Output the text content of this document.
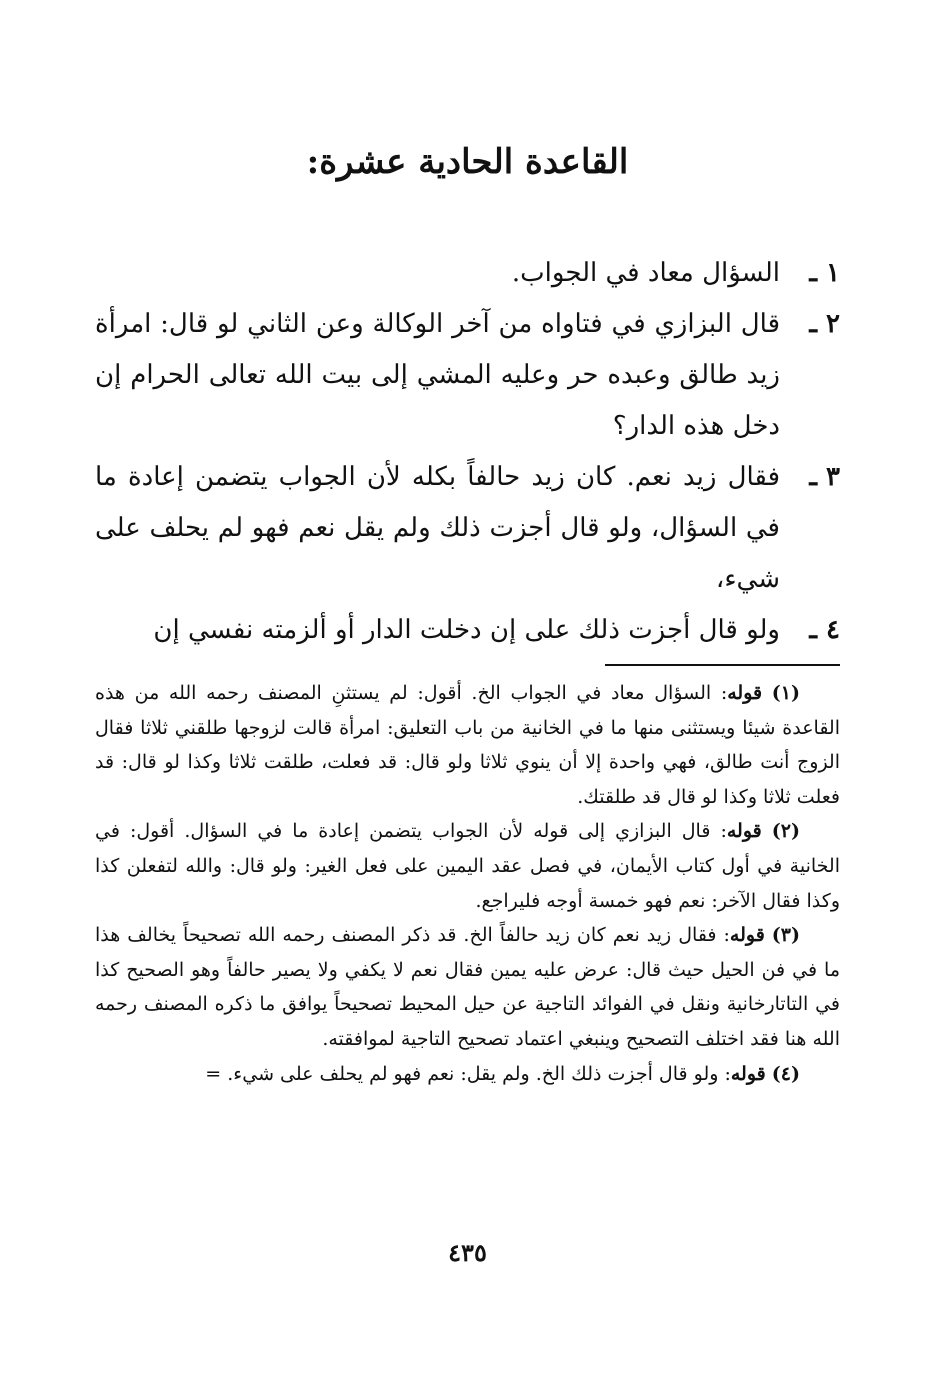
القاعدة الحادية عشرة:
١ ـ
السؤال معاد في الجواب.
٢ ـ
قال البزازي في فتاواه من آخر الوكالة وعن الثاني لو قال: امرأة زيد طالق وعبده حر وعليه المشي إلى بيت الله تعالى الحرام إن دخل هذه الدار؟
٣ ـ
فقال زيد نعم. كان زيد حالفاً بكله لأن الجواب يتضمن إعادة ما في السؤال، ولو قال أجزت ذلك ولم يقل نعم فهو لم يحلف على شيء،
٤ ـ
ولو قال أجزت ذلك على إن دخلت الدار أو ألزمته نفسي إن

(١) قوله: السؤال معاد في الجواب الخ. أقول: لم يستثنِ المصنف رحمه الله من هذه القاعدة شيئا ويستثنى منها ما في الخانية من باب التعليق: امرأة قالت لزوجها طلقني ثلاثا فقال الزوج أنت طالق، فهي واحدة إلا أن ينوي ثلاثا ولو قال: قد فعلت، طلقت ثلاثا وكذا لو قال: قد فعلت ثلاثا وكذا لو قال قد طلقتك.

(٢) قوله: قال البزازي إلى قوله لأن الجواب يتضمن إعادة ما في السؤال. أقول: في الخانية في أول كتاب الأيمان، في فصل عقد اليمين على فعل الغير: ولو قال: والله لتفعلن كذا وكذا فقال الآخر: نعم فهو خمسة أوجه فليراجع.

(٣) قوله: فقال زيد نعم كان زيد حالفاً الخ. قد ذكر المصنف رحمه الله تصحيحاً يخالف هذا ما في فن الحيل حيث قال: عرض عليه يمين فقال نعم لا يكفي ولا يصير حالفاً وهو الصحيح كذا في التاتارخانية ونقل في الفوائد التاجية عن حيل المحيط تصحيحاً يوافق ما ذكره المصنف رحمه الله هنا فقد اختلف التصحيح وينبغي اعتماد تصحيح التاجية لموافقته.

(٤) قوله: ولو قال أجزت ذلك الخ. ولم يقل: نعم فهو لم يحلف على شيء. =

٤٣٥
